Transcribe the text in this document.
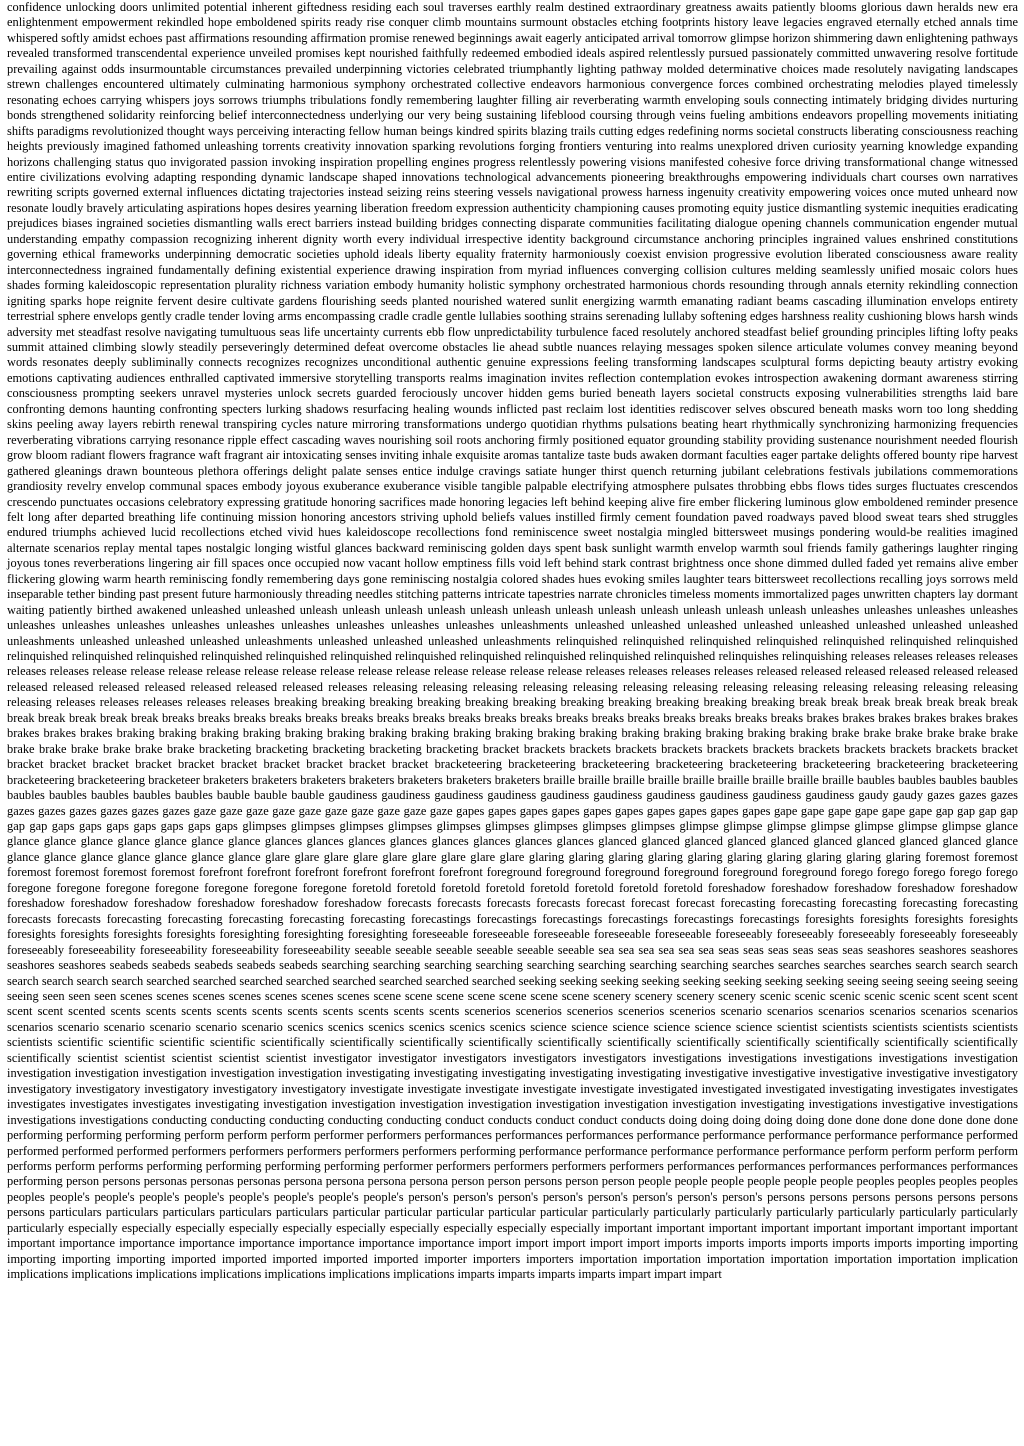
confidence unlocking doors unlimited potential inherent giftedness residing each soul traverses earthly realm destined extraordinary greatness awaits patiently blooms glorious dawn heralds new era enlightenment empowerment rekindled hope emboldened spirits ready rise conquer climb mountains surmount obstacles etching footprints history leave legacies engraved eternally etched annals time whispered softly amidst echoes past affirmations resounding affirmation promise renewed beginnings await eagerly anticipated arrival tomorrow glimpse horizon shimmering dawn enlightening pathways revealed transformed transcendental experience unveiled promises kept nourished faithfully redeemed embodied ideals aspired relentlessly pursued passionately committed unwavering resolve fortitude prevailing against odds insurmountable circumstances prevailed underpinning victories celebrated triumphantly lighting pathway molded determinative choices made resolutely navigating landscapes strewn challenges encountered ultimately culminating harmonious symphony orchestrated collective endeavors harmonious convergence forces combined orchestrating melodies played timelessly resonating echoes carrying whispers joys sorrows triumphs tribulations fondly remembering laughter filling air reverberating warmth enveloping souls connecting intimately bridging divides nurturing bonds strengthened solidarity reinforcing belief interconnectedness underlying our very being sustaining lifeblood coursing through veins fueling ambitions endeavors propelling movements initiating shifts paradigms revolutionized thought ways perceiving interacting fellow human beings kindred spirits blazing trails cutting edges redefining norms societal constructs liberating consciousness reaching heights previously imagined fathomed unleashing torrents creativity innovation sparking revolutions forging frontiers venturing into realms unexplored driven curiosity yearning knowledge expanding horizons challenging status quo invigorated passion invoking inspiration propelling engines progress relentlessly powering visions manifested cohesive force driving transformational change witnessed entire civilizations evolving adapting responding dynamic landscape shaped innovations technological advancements pioneering breakthroughs empowering individuals chart courses own narratives rewriting scripts governed external influences dictating trajectories instead seizing reins steering vessels navigational prowess harness ingenuity creativity empowering voices once muted unheard now resonate loudly bravely articulating aspirations hopes desires yearning liberation freedom expression authenticity championing causes promoting equity justice dismantling systemic inequities eradicating prejudices biases ingrained societies dismantling walls erect barriers instead building bridges connecting disparate communities facilitating dialogue opening channels communication engender mutual understanding empathy compassion recognizing inherent dignity worth every individual irrespective identity background circumstance anchoring principles ingrained values enshrined constitutions governing ethical frameworks underpinning democratic societies uphold ideals liberty equality fraternity harmoniously coexist envision progressive evolution liberated consciousness aware reality interconnectedness ingrained fundamentally defining existential experience drawing inspiration from myriad influences converging collision cultures melding seamlessly unified mosaic colors hues shades forming kaleidoscopic representation plurality richness variation embody humanity holistic symphony orchestrated harmonious chords resounding through annals eternity rekindling connection igniting sparks hope reignite fervent desire cultivate gardens flourishing seeds planted nourished watered sunlit energizing warmth emanating radiant beams cascading illumination envelops entirety terrestrial sphere envelops gently cradle tender loving arms encompassing cradle cradle gentle lullabies soothing strains serenading lullaby softening edges harshness reality cushioning blows harsh winds adversity met steadfast resolve navigating tumultuous seas life uncertainty currents ebb flow unpredictability turbulence faced resolutely anchored steadfast belief grounding principles lifting lofty peaks summit attained climbing slowly steadily perseveringly determined defeat overcome obstacles lie ahead subtle nuances relaying messages spoken silence articulate volumes convey meaning beyond words resonates deeply subliminally connects recognizes recognizes unconditional authentic genuine expressions feeling transforming landscapes sculptural forms depicting beauty artistry evoking emotions captivating audiences enthralled captivated immersive storytelling transports realms imagination invites reflection contemplation evokes introspection awakening dormant awareness stirring consciousness prompting seekers unravel mysteries unlock secrets guarded ferociously uncover hidden gems buried beneath layers societal constructs exposing vulnerabilities strengths laid bare confronting demons haunting confronting specters lurking shadows resurfacing healing wounds inflicted past reclaim lost identities rediscover selves obscured beneath masks worn too long shedding skins peeling away layers rebirth renewal transpiring cycles nature mirroring transformations undergo quotidian rhythms pulsations beating heart rhythmically synchronizing harmonizing frequencies reverberating vibrations carrying resonance ripple effect cascading waves nourishing soil roots anchoring firmly positioned equator grounding stability providing sustenance nourishment needed flourish grow bloom radiant flowers fragrance waft fragrant air intoxicating senses inviting inhale exquisite aromas tantalize taste buds awaken dormant faculties eager partake delights offered bounty ripe harvest gathered gleanings drawn bounteous plethora offerings delight palate senses entice indulge cravings satiate hunger thirst quench returning jubilant celebrations festivals jubilations commemorations grandiosity revelry envelop communal spaces embody joyous exuberance exuberance visible tangible palpable electrifying atmosphere pulsates throbbing ebbs flows tides surges fluctuates crescendos crescendo punctuates occasions celebratory expressing gratitude honoring sacrifices made honoring legacies left behind keeping alive fire ember flickering luminous glow emboldened reminder presence felt long after departed breathing life continuing mission honoring ancestors striving uphold beliefs values instilled firmly cement foundation paved roadways paved blood sweat tears shed struggles endured triumphs achieved lucid recollections etched vivid hues kaleidoscope recollections fond reminiscence sweet nostalgia mingled bittersweet musings pondering would-be realities imagined alternate scenarios replay mental tapes nostalgic longing wistful glances backward reminiscing golden days spent bask sunlight warmth envelop warmth soul friends family gatherings laughter ringing joyous tones reverberations lingering air fill spaces once occupied now vacant hollow emptiness fills void left behind stark contrast brightness once shone dimmed dulled faded yet remains alive ember flickering glowing warm hearth reminiscing fondly remembering days gone reminiscing nostalgia colored shades hues evoking smiles laughter tears bittersweet recollections recalling joys sorrows meld inseparable tether binding past present future harmoniously threading needles stitching patterns intricate tapestries narrate chronicles timeless moments immortalized pages unwritten chapters lay dormant waiting patiently birthed awakened unleashed unleashed unleash unleash unleash unleash unleash unleash unleash unleash unleash unleash unleash unleash unleashes unleashes unleashes unleashes unleashes unleashes unleashes unleashes unleashes unleashes unleashes unleashes unleashes unleashments unleashed unleashed unleashed unleashed unleashed unleashed unleashed unleashed unleashments unleashed unleashed unleashed unleashments unleashed unleashed unleashed unleashments relinquished relinquished relinquished relinquished relinquished relinquished relinquished relinquished relinquished relinquished relinquished relinquished relinquished relinquished relinquished relinquished relinquished relinquished relinquishes relinquishing releases releases releases releases releases releases release release release release release release release release release release release release release releases releases releases releases released released released released released released released released released released released released released releases releasing releasing releasing releasing releasing releasing releasing releasing releasing releasing releasing releasing releasing releasing releases releases releases releases releases breaking breaking breaking breaking breaking breaking breaking breaking breaking breaking breaking break break break break break break break break break break break break breaks breaks breaks breaks breaks breaks breaks breaks breaks breaks breaks breaks breaks breaks breaks breaks breaks breaks brakes brakes brakes brakes brakes brakes brakes brakes brakes braking braking braking braking braking braking braking braking braking braking braking braking braking braking braking braking braking brake brake brake brake brake brake brake brake brake brake brake brake bracketing bracketing bracketing bracketing bracketing bracket brackets brackets brackets brackets brackets brackets brackets brackets brackets brackets bracket bracket bracket bracket bracket bracket bracket bracket bracket bracket bracket bracketeering bracketeering bracketeering bracketeering bracketeering bracketeering bracketeering bracketeering bracketeering bracketeering bracketeer braketers braketers braketers braketers braketers braketers braketers braille braille braille braille braille braille braille braille braille baubles baubles baubles baubles baubles baubles baubles baubles baubles bauble bauble bauble gaudiness gaudiness gaudiness gaudiness gaudiness gaudiness gaudiness gaudiness gaudiness gaudiness gaudy gaudy gazes gazes gazes gazes gazes gazes gazes gazes gazes gaze gaze gaze gaze gaze gaze gaze gaze gaze gaze gapes gapes gapes gapes gapes gapes gapes gapes gapes gapes gape gape gape gape gape gape gap gap gap gap gap gap gaps gaps gaps gaps gaps gaps gaps glimpses glimpses glimpses glimpses glimpses glimpses glimpses glimpses glimpses glimpse glimpse glimpse glimpse glimpse glimpse glimpse glance glance glance glance glance glance glance glance glances glances glances glances glances glances glances glances glanced glanced glanced glanced glanced glanced glanced glanced glanced glance glance glance glance glance glance glance glance glare glare glare glare glare glare glare glare glare glaring glaring glaring glaring glaring glaring glaring glaring glaring glaring foremost foremost foremost foremost foremost foremost forefront forefront forefront forefront forefront forefront foreground foreground foreground foreground foreground foreground forego forego forego forego forego foregone foregone foregone foregone foregone foregone foregone foretold foretold foretold foretold foretold foretold foretold foretold foreshadow foreshadow foreshadow foreshadow foreshadow foreshadow foreshadow foreshadow foreshadow foreshadow foreshadow forecasts forecasts forecasts forecasts forecast forecast forecast forecasting forecasting forecasting forecasting forecasting forecasts forecasts forecasting forecasting forecasting forecasting forecasting forecastings forecastings forecastings forecastings forecastings forecastings foresights foresights foresights foresights foresights foresights foresights foresights foresighting foresighting foresighting foreseeable foreseeable foreseeable foreseeable foreseeable foreseeably foreseeably foreseeably foreseeably foreseeably foreseeably foreseeability foreseeability foreseeability foreseeability seeable seeable seeable seeable seeable seeable sea sea sea sea sea sea seas seas seas seas seas seas seashores seashores seashores seashores seashores seabeds seabeds seabeds seabeds seabeds searching searching searching searching searching searching searching searching searches searches searches searches search search search search search search search searched searched searched searched searched searched searched searched seeking seeking seeking seeking seeking seeking seeking seeking seeing seeing seeing seeing seeing seeing seen seen seen scenes scenes scenes scenes scenes scenes scenes scene scene scene scene scene scene scene scenery scenery scenery scenery scenic scenic scenic scenic scenic scent scent scent scent scent scented scents scents scents scents scents scents scents scents scents scents scenerios scenerios scenerios scenerios scenerios scenario scenarios scenarios scenarios scenarios scenarios scenarios scenario scenario scenario scenario scenario scenics scenics scenics scenics scenics scenics science science science science science science scientist scientists scientists scientists scientists scientists scientific scientific scientific scientific scientifically scientifically scientifically scientifically scientifically scientifically scientifically scientifically scientifically scientifically scientifically scientifically scientist scientist scientist scientist scientist investigator investigator investigators investigators investigators investigations investigations investigations investigations investigation investigation investigation investigation investigation investigation investigating investigating investigating investigating investigating investigative investigative investigative investigative investigatory investigatory investigatory investigatory investigatory investigatory investigate investigate investigate investigate investigate investigated investigated investigated investigating investigates investigates investigates investigates investigates investigating investigation investigation investigation investigation investigation investigation investigation investigating investigations investigative investigations investigations investigations conducting conducting conducting conducting conducting conduct conducts conduct conduct conducts doing doing doing doing doing done done done done done done done performing performing performing perform perform perform performer performers performances performances performances performance performance performance performance performance performed performed performed performed performers performers performers performers performers performing performance performance performance performance performance perform perform perform perform performs perform performs performing performing performing performing performer performers performers performers performers performances performances performances performances performances performing person persons personas personas personas persona persona persona persona person person persons person person people people people people people people peoples peoples peoples peoples peoples people's people's people's people's people's people's people's people's person's person's person's person's person's person's person's person's persons persons persons persons persons persons persons particulars particulars particulars particulars particulars particular particular particular particular particular particularly particularly particularly particularly particularly particularly particularly particularly especially especially especially especially especially especially especially especially especially especially important important important important important important important important important importance importance importance importance importance importance importance import import import import import imports imports imports imports imports imports importing importing importing importing importing imported imported imported imported imported importer importers importers importation importation importation importation importation importation implication implications implications implications implications implications implications implications imparts imparts imparts imparts impart impart impart
